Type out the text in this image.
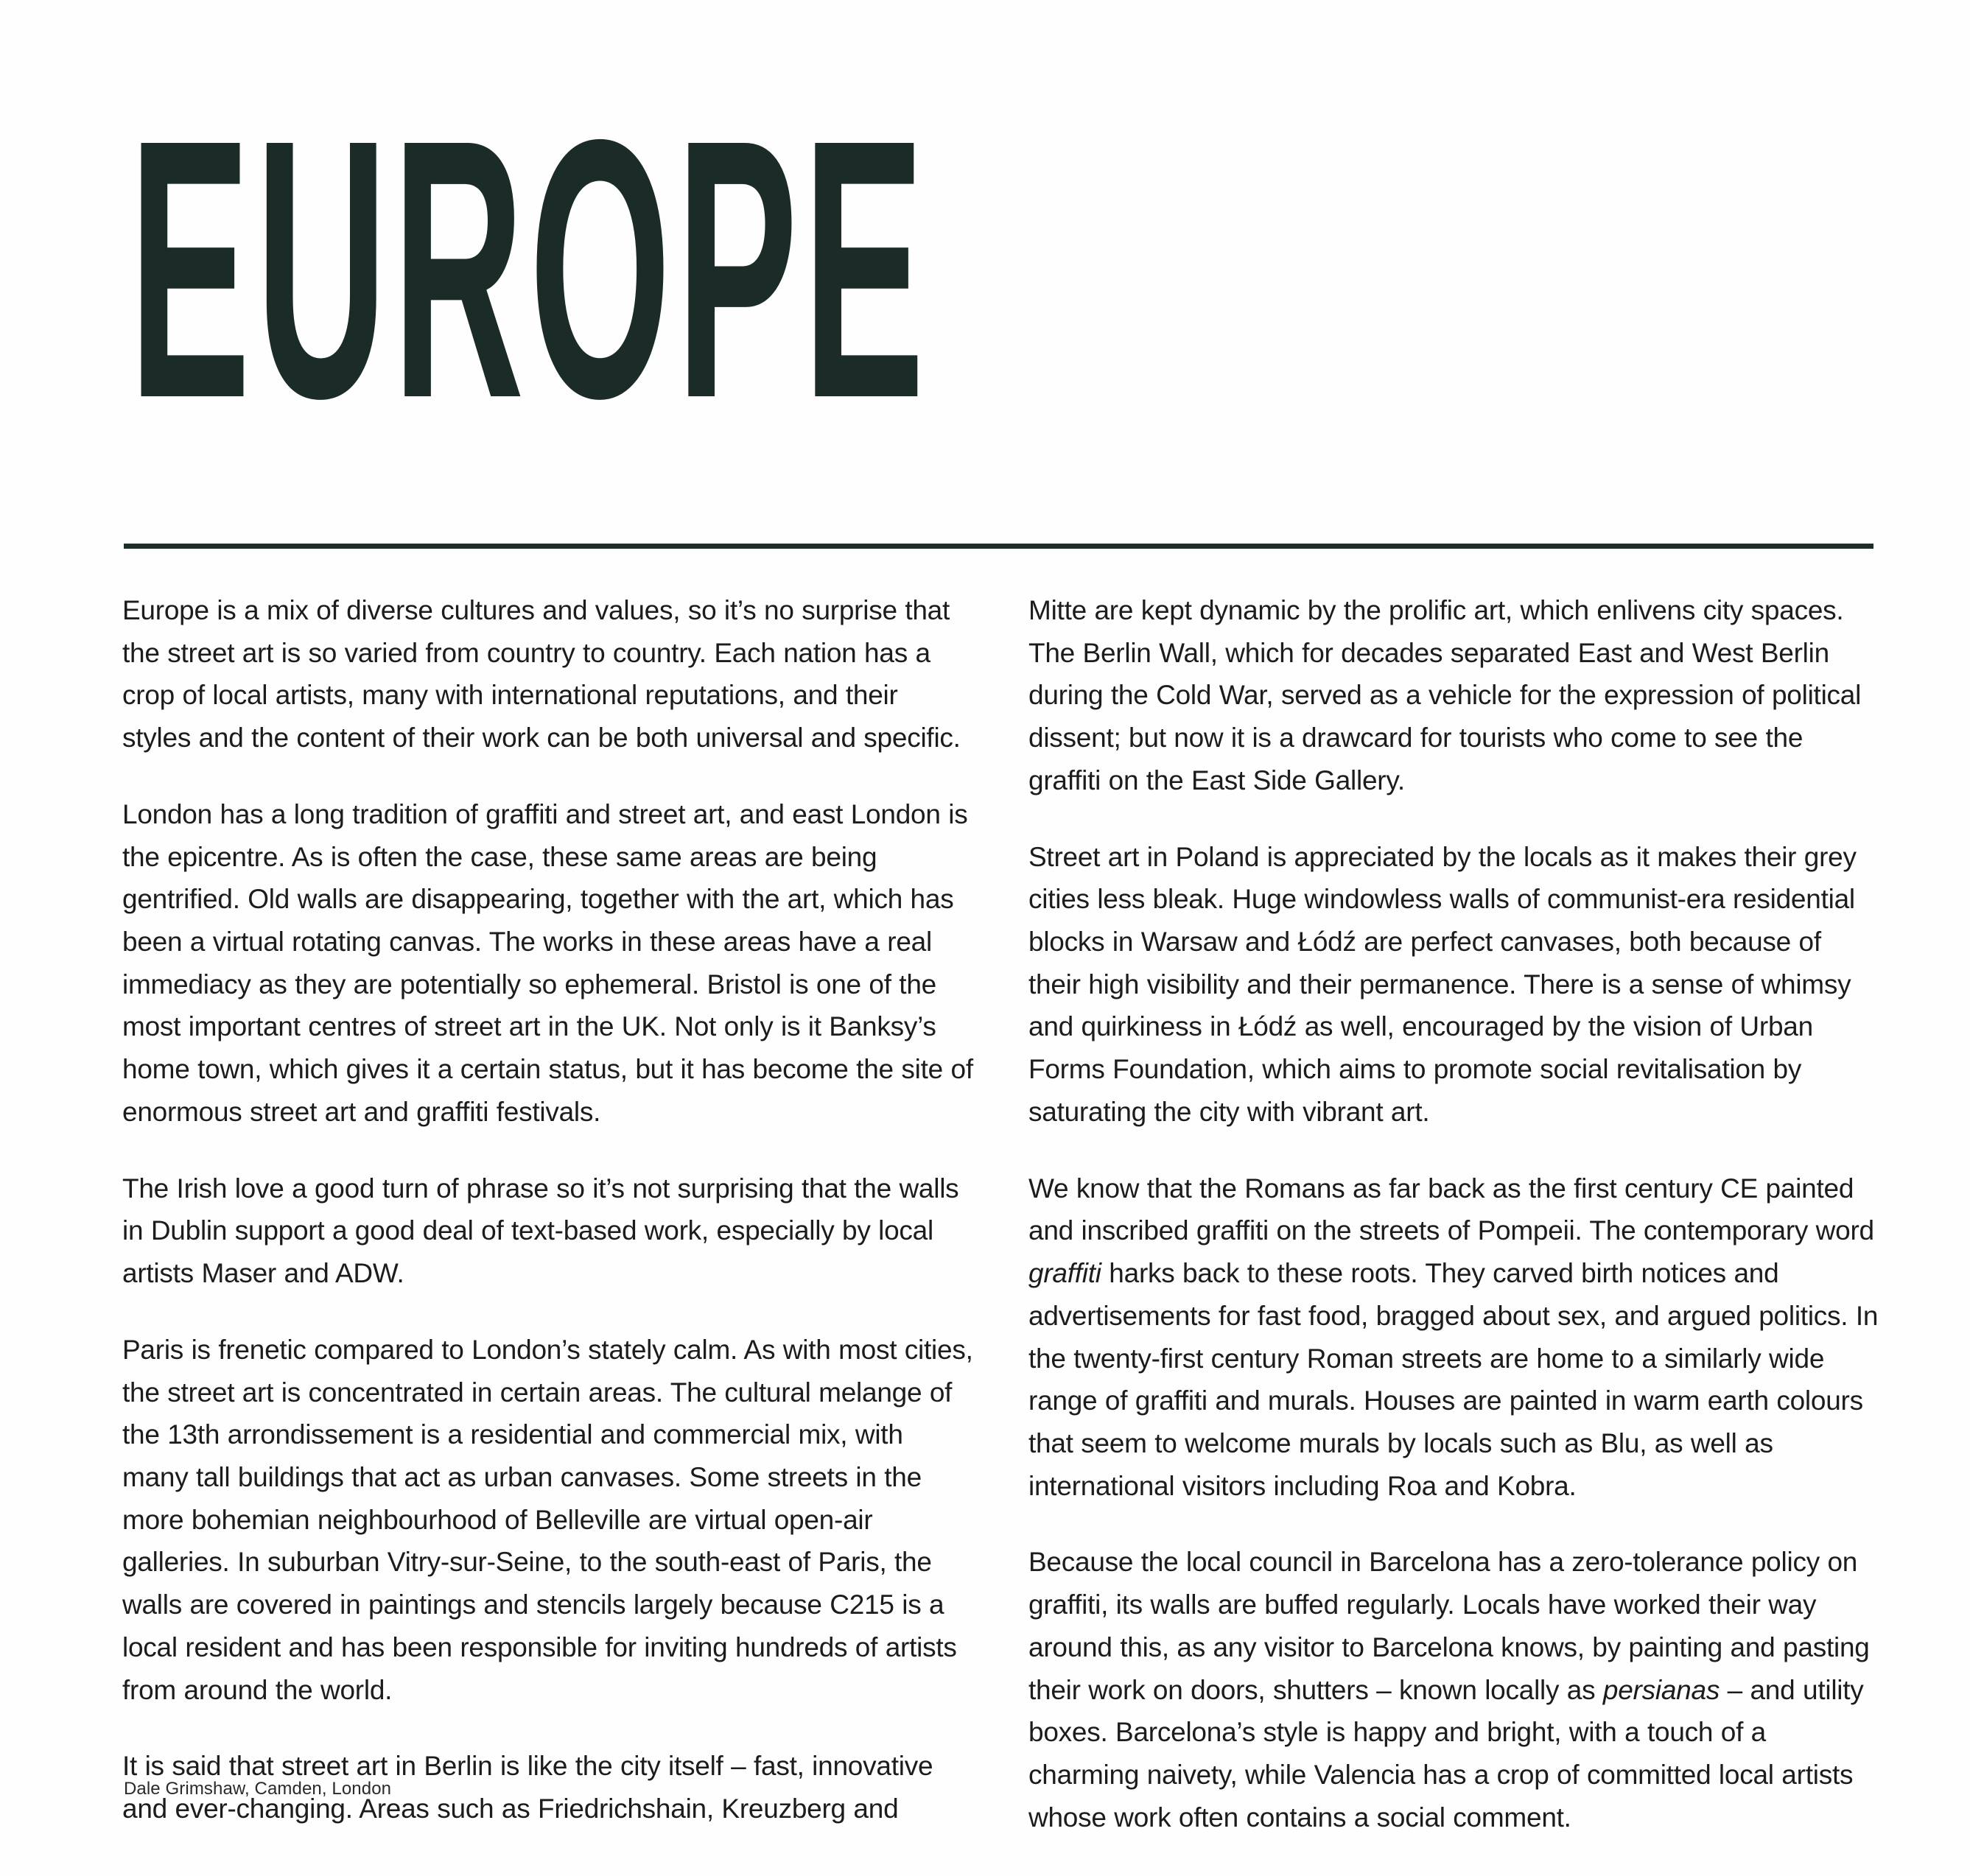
EUROPE

Europe is a mix of diverse cultures and values, so it’s no surprise that the street art is so varied from country to country. Each nation has a crop of local artists, many with international reputations, and their styles and the content of their work can be both universal and specific.

London has a long tradition of graffiti and street art, and east London is the epicentre. As is often the case, these same areas are being gentrified. Old walls are disappearing, together with the art, which has been a virtual rotating canvas. The works in these areas have a real immediacy as they are potentially so ephemeral. Bristol is one of the most important centres of street art in the UK. Not only is it Banksy’s home town, which gives it a certain status, but it has become the site of enormous street art and graffiti festivals.

The Irish love a good turn of phrase so it’s not surprising that the walls in Dublin support a good deal of text-based work, especially by local artists Maser and ADW.

Paris is frenetic compared to London’s stately calm. As with most cities, the street art is concentrated in certain areas. The cultural melange of the 13th arrondissement is a residential and commercial mix, with many tall buildings that act as urban canvases. Some streets in the more bohemian neighbourhood of Belleville are virtual open-air galleries. In suburban Vitry-sur-Seine, to the south-east of Paris, the walls are covered in paintings and stencils largely because C215 is a local resident and has been responsible for inviting hundreds of artists from around the world.

It is said that street art in Berlin is like the city itself – fast, innovative and ever-changing. Areas such as Friedrichshain, Kreuzberg and

Mitte are kept dynamic by the prolific art, which enlivens city spaces. The Berlin Wall, which for decades separated East and West Berlin during the Cold War, served as a vehicle for the expression of political dissent; but now it is a drawcard for tourists who come to see the graffiti on the East Side Gallery.

Street art in Poland is appreciated by the locals as it makes their grey cities less bleak. Huge windowless walls of communist-era residential blocks in Warsaw and Łódź are perfect canvases, both because of their high visibility and their permanence. There is a sense of whimsy and quirkiness in Łódź as well, encouraged by the vision of Urban Forms Foundation, which aims to promote social revitalisation by saturating the city with vibrant art.

We know that the Romans as far back as the first century CE painted and inscribed graffiti on the streets of Pompeii. The contemporary word graffiti harks back to these roots. They carved birth notices and advertisements for fast food, bragged about sex, and argued politics. In the twenty-first century Roman streets are home to a similarly wide range of graffiti and murals. Houses are painted in warm earth colours that seem to welcome murals by locals such as Blu, as well as international visitors including Roa and Kobra.

Because the local council in Barcelona has a zero-tolerance policy on graffiti, its walls are buffed regularly. Locals have worked their way around this, as any visitor to Barcelona knows, by painting and pasting their work on doors, shutters – known locally as persianas – and utility boxes. Barcelona’s style is happy and bright, with a touch of a charming naivety, while Valencia has a crop of committed local artists whose work often contains a social comment.

Dale Grimshaw, Camden, London
